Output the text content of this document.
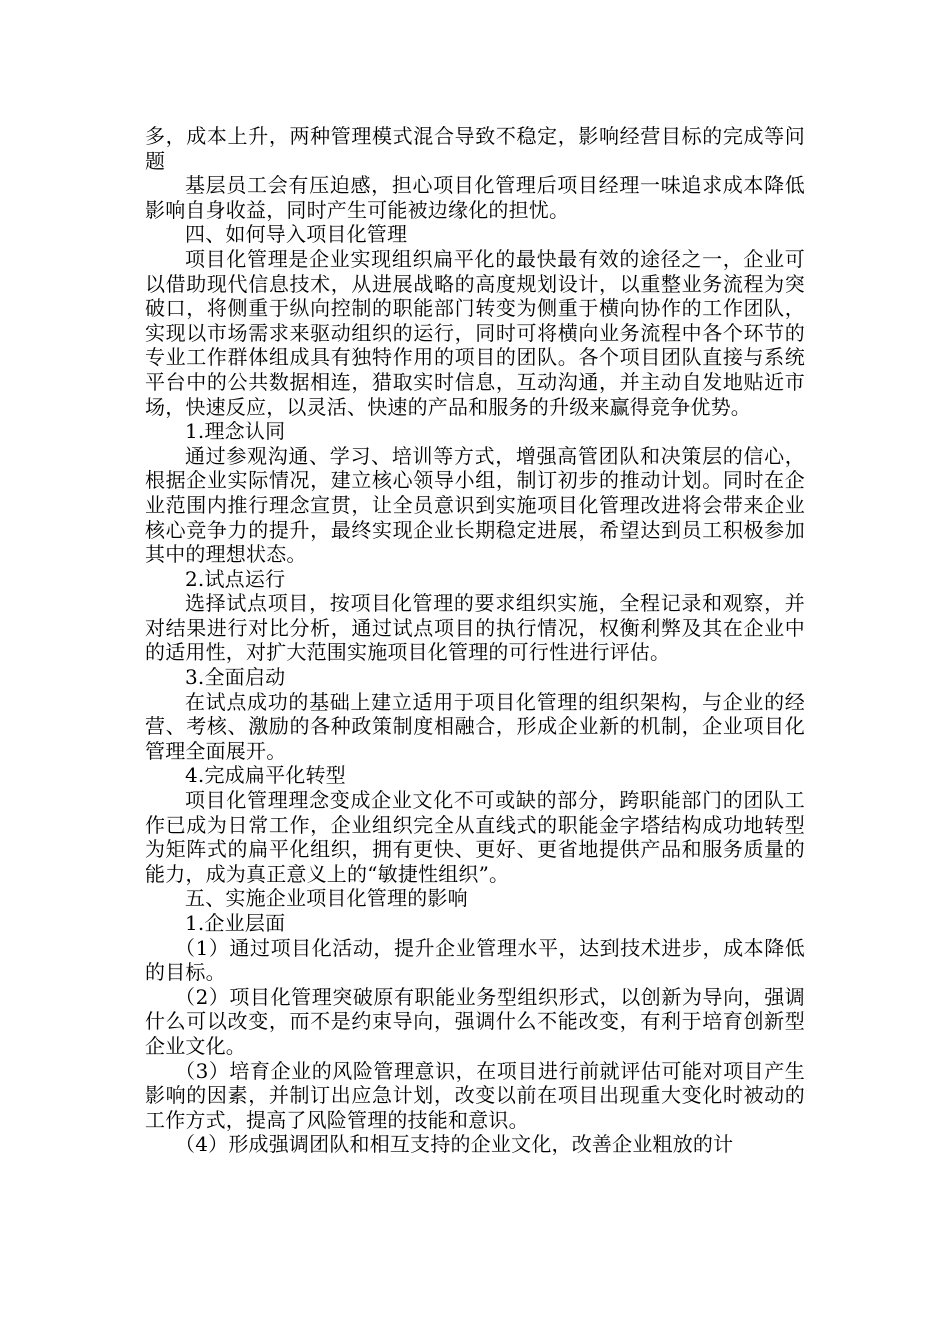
多，成本上升，两种管理模式混合导致不稳定，影响经营目标的完成等问题

基层员工会有压迫感，担心项目化管理后项目经理一味追求成本降低影响自身收益，同时产生可能被边缘化的担忧。

四、如何导入项目化管理

项目化管理是企业实现组织扁平化的最快最有效的途径之一，企业可以借助现代信息技术，从进展战略的高度规划设计，以重整业务流程为突破口，将侧重于纵向控制的职能部门转变为侧重于横向协作的工作团队， 实现以市场需求来驱动组织的运行，同时可将横向业务流程中各个环节的专业工作群体组成具有独特作用的项目的团队。各个项目团队直接与系统平台中的公共数据相连，猎取实时信息，互动沟通，并主动自发地贴近市场，快速反应，以灵活、快速的产品和服务的升级来赢得竞争优势。

1.理念认同

通过参观沟通、学习、培训等方式，增强高管团队和决策层的信心，根据企业实际情况，建立核心领导小组，制订初步的推动计划。同时在企业范围内推行理念宣贯，让全员意识到实施项目化管理改进将会带来企业核心竞争力的提升，最终实现企业长期稳定进展，希望达到员工积极参加其中的理想状态。

2.试点运行

选择试点项目，按项目化管理的要求组织实施，全程记录和观察，并对结果进行对比分析，通过试点项目的执行情况，权衡利弊及其在企业中的适用性，对扩大范围实施项目化管理的可行性进行评估。

3.全面启动

在试点成功的基础上建立适用于项目化管理的组织架构，与企业的经营、考核、激励的各种政策制度相融合，形成企业新的机制，企业项目化管理全面展开。

4.完成扁平化转型

项目化管理理念变成企业文化不可或缺的部分，跨职能部门的团队工作已成为日常工作，企业组织完全从直线式的职能金字塔结构成功地转型为矩阵式的扁平化组织，拥有更快、更好、更省地提供产品和服务质量的能力，成为真正意义上的“敏捷性组织”。

五、实施企业项目化管理的影响

1.企业层面

（1）通过项目化活动，提升企业管理水平，达到技术进步，成本降低的目标。

（2）项目化管理突破原有职能业务型组织形式，以创新为导向，强调什么可以改变，而不是约束导向，强调什么不能改变，有利于培育创新型企业文化。

（3）培育企业的风险管理意识，在项目进行前就评估可能对项目产生影响的因素，并制订出应急计划，改变以前在项目出现重大变化时被动的工作方式，提高了风险管理的技能和意识。

（4）形成强调团队和相互支持的企业文化，改善企业粗放的计
